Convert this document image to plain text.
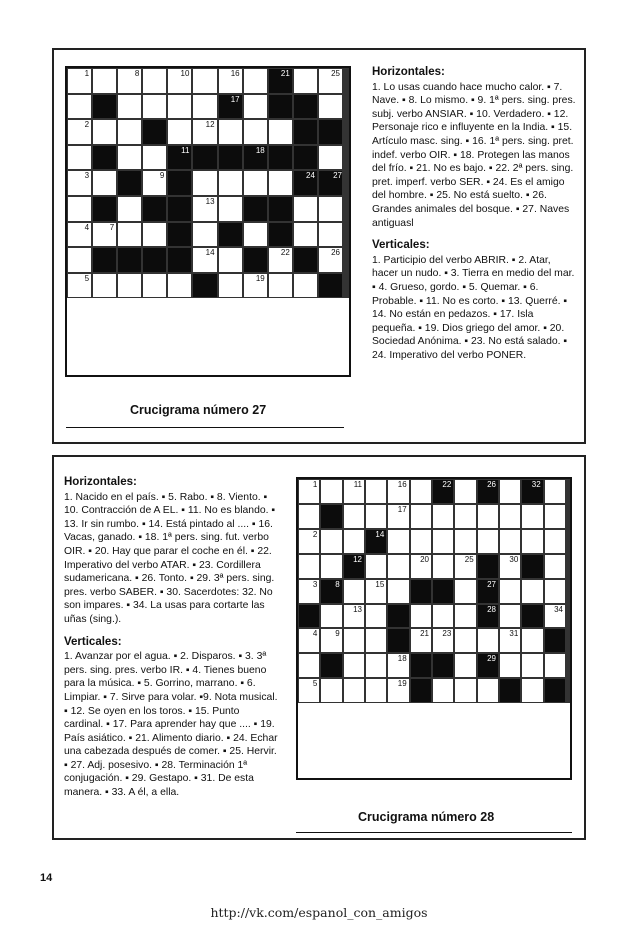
1	8	10	16	21	25
17
2	12
11	18
3	9	24 27
13
4	7
14	22	26
5	19
Horizontales:

1. Lo usas cuando hace mucho calor. ▪ 7. Nave. ▪ 8. Lo mismo. ▪ 9. 1ª pers. sing. pres. subj. verbo ANSIAR. ▪ 10. Verdadero. ▪ 12. Personaje rico e influyente en la India. ▪ 15. Artículo masc. sing. ▪ 16. 1ª pers. sing. pret. indef. verbo OIR. ▪ 18. Protegen las manos del frío. ▪ 21. No es bajo. ▪ 22. 2ª pers. sing. pret. imperf. verbo SER. ▪ 24. Es el amigo del hombre. ▪ 25. No está suelto. ▪ 26. Grandes animales del bosque. ▪ 27. Naves antiguasl

Verticales:

1. Participio del verbo ABRIR. ▪ 2. Atar, hacer un nudo. ▪ 3. Tierra en medio del mar. ▪ 4. Grueso, gordo. ▪ 5. Quemar. ▪ 6. Probable. ▪ 11. No es corto. ▪ 13. Querré. ▪ 14. No están en pedazos. ▪ 17. Isla pequeña. ▪ 19. Dios griego del amor. ▪ 20. Sociedad Anónima. ▪ 23. No está salado. ▪ 24. Imperativo del verbo PONER.

Crucigrama número 27
Horizontales:

1. Nacido en el país. ▪ 5. Rabo. ▪ 8. Viento. ▪ 10. Contracción de A EL. ▪ 11. No es blando. ▪ 13. Ir sin rumbo. ▪ 14. Está pintado al .... ▪ 16. Vacas, ganado. ▪ 18. 1ª pers. sing. fut. verbo OIR. ▪ 20. Hay que parar el coche en él. ▪ 22. Imperativo del verbo ATAR. ▪ 23. Cordillera sudamericana. ▪ 26. Tonto. ▪ 29. 3ª pers. sing. pres. verbo SABER. ▪ 30. Sacerdotes: 32. No son impares. ▪ 34. La usas para cortarte las uñas (sing.).

Verticales:

1. Avanzar por el agua. ▪ 2. Disparos. ▪ 3. 3ª pers. sing. pres. verbo IR. ▪ 4. Tienes bueno para la música. ▪ 5. Gorrino, marrano. ▪ 6. Limpiar. ▪ 7. Sirve para volar. ▪9. Nota musical. ▪ 12. Se oyen en los toros. ▪ 15. Punto cardinal. ▪ 17. Para aprender hay que .... ▪ 19. País asiático. ▪ 21. Alimento diario. ▪ 24. Echar una cabezada después de comer. ▪ 25. Hervir. ▪ 27. Adj. posesivo. ▪ 28. Terminación 1ª conjugación. ▪ 29. Gestapo. ▪ 31. De esta manera. ▪ 33. A él, a ella.

1	11	16	22	26	32
17
2	14
12	20	25	30
3 8	15	27
13	28	34
4 9	21 23	31
18	29
5	19
Crucigrama número 28
14
http://vk.com/espanol_con_amigos
